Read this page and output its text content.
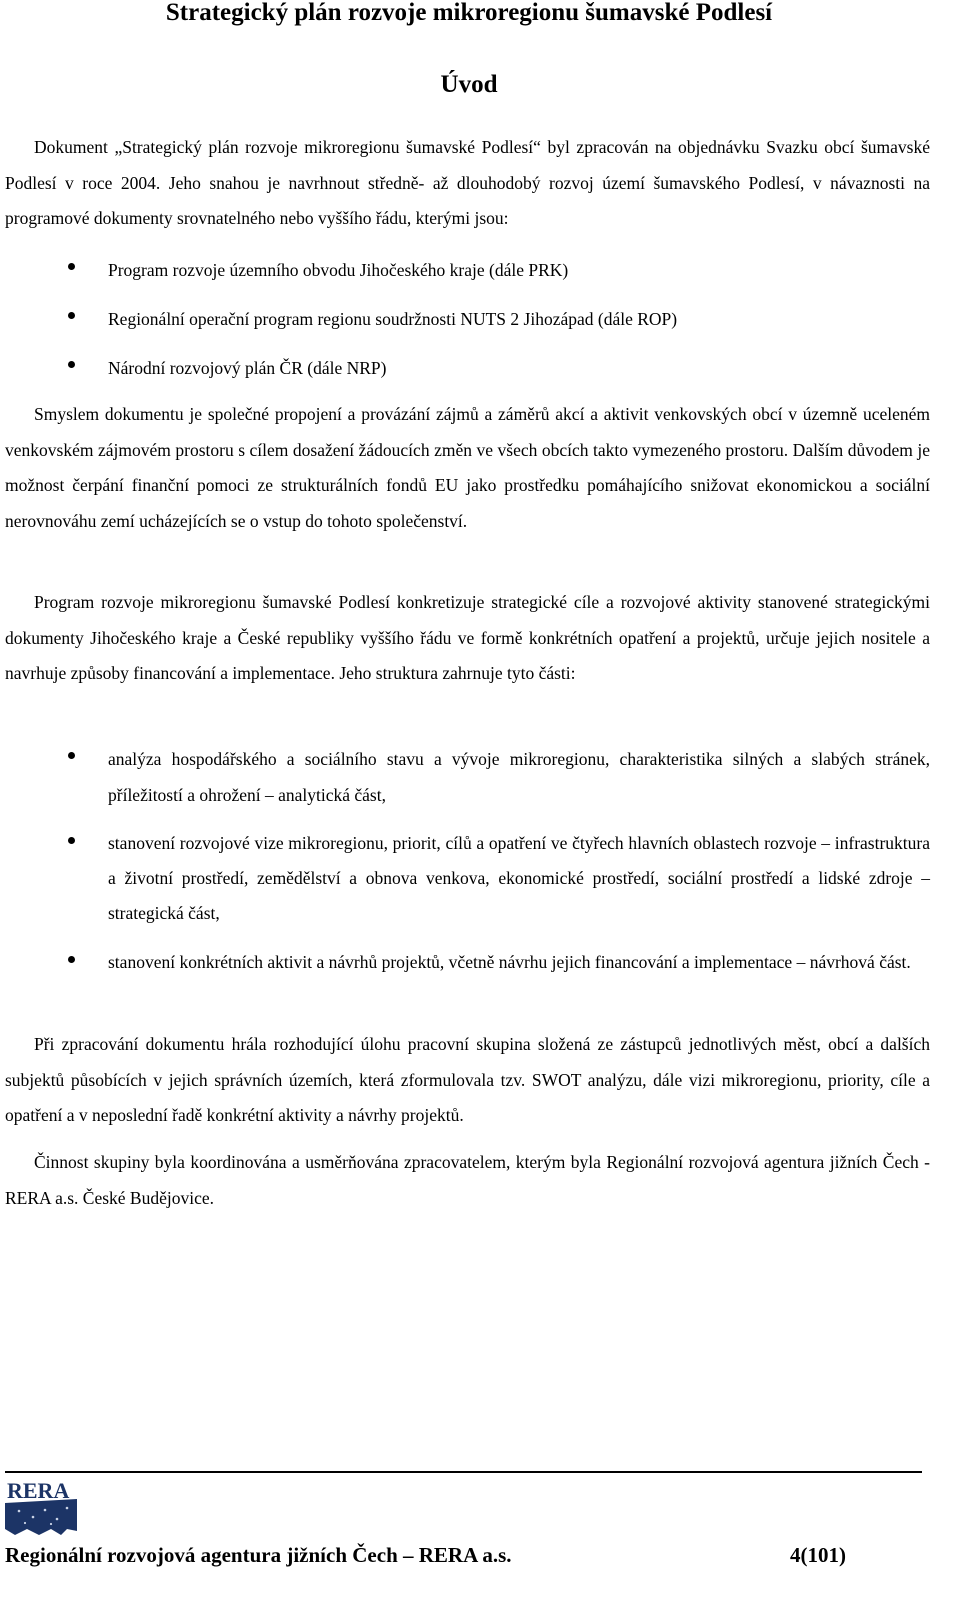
Strategický plán rozvoje mikroregionu šumavské Podlesí
Úvod

Dokument „Strategický plán rozvoje mikroregionu šumavské Podlesí“ byl zpracován na objednávku Svazku obcí šumavské Podlesí v roce 2004. Jeho snahou je navrhnout středně- až dlouhodobý rozvoj území šumavského Podlesí, v návaznosti na programové dokumenty srovnatelného nebo vyššího řádu, kterými jsou:

Program rozvoje územního obvodu Jihočeského kraje (dále PRK)
Regionální operační program regionu soudržnosti NUTS 2 Jihozápad (dále ROP)
Národní rozvojový plán ČR (dále NRP)

Smyslem dokumentu je společné propojení a provázání zájmů a záměrů akcí a aktivit venkovských obcí v územně uceleném venkovském zájmovém prostoru s cílem dosažení žádoucích změn ve všech obcích takto vymezeného prostoru. Dalším důvodem je možnost čerpání finanční pomoci ze strukturálních fondů EU jako prostředku pomáhajícího snižovat ekonomickou a sociální nerovnováhu zemí ucházejících se o vstup do tohoto společenství.

Program rozvoje mikroregionu šumavské Podlesí konkretizuje strategické cíle a rozvojové aktivity stanovené strategickými dokumenty Jihočeského kraje a České republiky vyššího řádu ve formě konkrétních opatření a projektů, určuje jejich nositele a navrhuje způsoby financování a implementace. Jeho struktura zahrnuje tyto části:

analýza hospodářského a sociálního stavu a vývoje mikroregionu, charakteristika silných a slabých stránek, příležitostí a ohrožení – analytická část,
stanovení rozvojové vize mikroregionu, priorit, cílů a opatření ve čtyřech hlavních oblastech rozvoje – infrastruktura a životní prostředí, zemědělství a obnova venkova, ekonomické prostředí, sociální prostředí a lidské zdroje – strategická část,
stanovení konkrétních aktivit a návrhů projektů, včetně návrhu jejich financování a implementace – návrhová část.

Při zpracování dokumentu hrála rozhodující úlohu pracovní skupina složená ze zástupců jednotlivých měst, obcí a dalších subjektů působících v jejich správních územích, která zformulovala tzv. SWOT analýzu, dále vizi mikroregionu, priority, cíle a opatření a v neposlední řadě konkrétní aktivity a návrhy projektů.

Činnost skupiny byla koordinována a usměrňována zpracovatelem, kterým byla Regionální rozvojová agentura jižních Čech - RERA a.s. České Budějovice.

RERA
Regionální rozvojová agentura jižních Čech – RERA a.s.	4(101)
